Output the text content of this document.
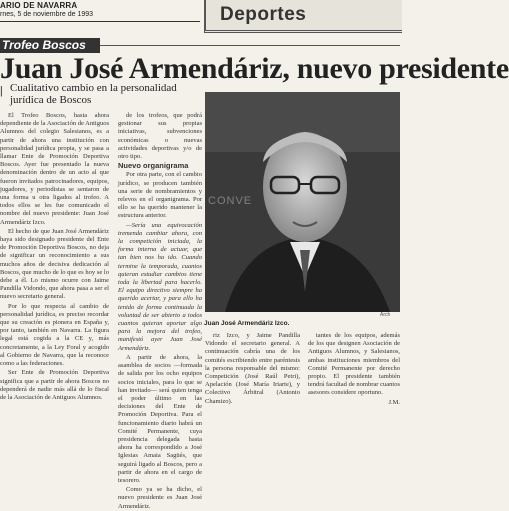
ARIO DE NAVARRA
rnes, 5 de noviembre de 1993	Deportes
Trofeo Boscos
Juan José Armendáriz, nuevo presidente
| Cualitativo cambio en la personalidad jurídica de Boscos

El Trofeo Boscos, hasta ahora dependiente de la Asociación de Antiguos Alumnos del colegio Salesianos, es a partir de ahora una institución con personalidad jurídica propia, y se pasa a llamar Ente de Promoción Deportiva Boscos. Ayer fue presentado la nueva denominación dentro de un acto al que fueron invitados patrocinadores, equipos, jugadores, y periodistas se sentaron de una forma u otra ligados al trofeo. A todos ellos se les fue comunicado el nombre del nuevo presidente: Juan José Armendáriz Izco.

El hecho de que Juan José Armendáriz haya sido designado presidente del Ente de Promoción Deportiva Boscos, no deja de significar un reconocimiento a sus muchos años de decisiva dedicación al Boscos, que mucho de lo que es hoy se lo debe a él. Lo mismo ocurre con Jaime Pandilla Vidondo, que ahora pasa a ser el nuevo secretario general.

Por lo que respecta al cambio de personalidad jurídica, es preciso recordar que su creación es pionera en España y, por tanto, también en Navarra. La figura legal está cogida a la CE y, más concretamente, a la Ley Foral y acogido al Gobierno de Navarra, que la reconoce como a las federaciones.

Ser Ente de Promoción Deportiva significa que a partir de ahora Boscos no dependerá de nadie más allá de lo fiscal de la Asociación de Antiguos Alumnos.

de los trofeos, que podrá gestionar sus propias iniciativas, subvenciones económicas o nuevas actividades deportivas y/o de otro tipo.

Nuevo organigrama

Por otra parte, con el cambio jurídico, se producen también una serie de nombramientos y relevos en el organigrama. Por ello se ha querido mantener la estructura anterior.

—Sería una equivocación tremenda cambiar ahora, con la competición iniciada, la forma interna de actuar, que tan bien nos ha ido. Cuando termine la temporada, cuantos quieran estudiar cambios tiene toda la libertad para hacerlo. El equipo directivo siempre ha querido acertar, y para ello ha tenido de forma continuada la voluntad de ser abierto a todos cuantos quieran aportar algo para la mejora del trofeo, manifestó ayer Juan José Armendáriz.

A partir de ahora, la asamblea de socios —formada de salida por los ocho equipos socios iniciales, para lo que se han invitado— será quien tenga el poder último en las decisiones del Ente de Promoción Deportiva. Para el funcionamiento diario habrá un Comité Permanente, cuya presidencia delegada hasta ahora ha correspondido a José Iglesias Amaia Sagüés, que seguirá ligado al Boscos, pero a partir de ahora en el cargo de tesorero.

Como ya se ha dicho, el nuevo presidente es Juan José Armendáriz.

CONVE
Arch
Juan José Armendáriz Izco.

riz Izco, y Jaime Pandilla Vidondo el secretario general. A continuación cabría una de los comités escribiendo entre paréntesis la persona responsable del mismo: Competición (José Raúl Petri), Apelación (José María Iriarte), y Colectivo Árbitral (Antonio Chamizo).

tantes de los equipos, además de los que designen Asociación de Antiguos Alumnos, y Salesianos, ambas instituciones miembros del Comité Permanente por derecho propio. El presidente también tendrá facultad de nombrar cuantos asesores considere oportuno.

J.M.
